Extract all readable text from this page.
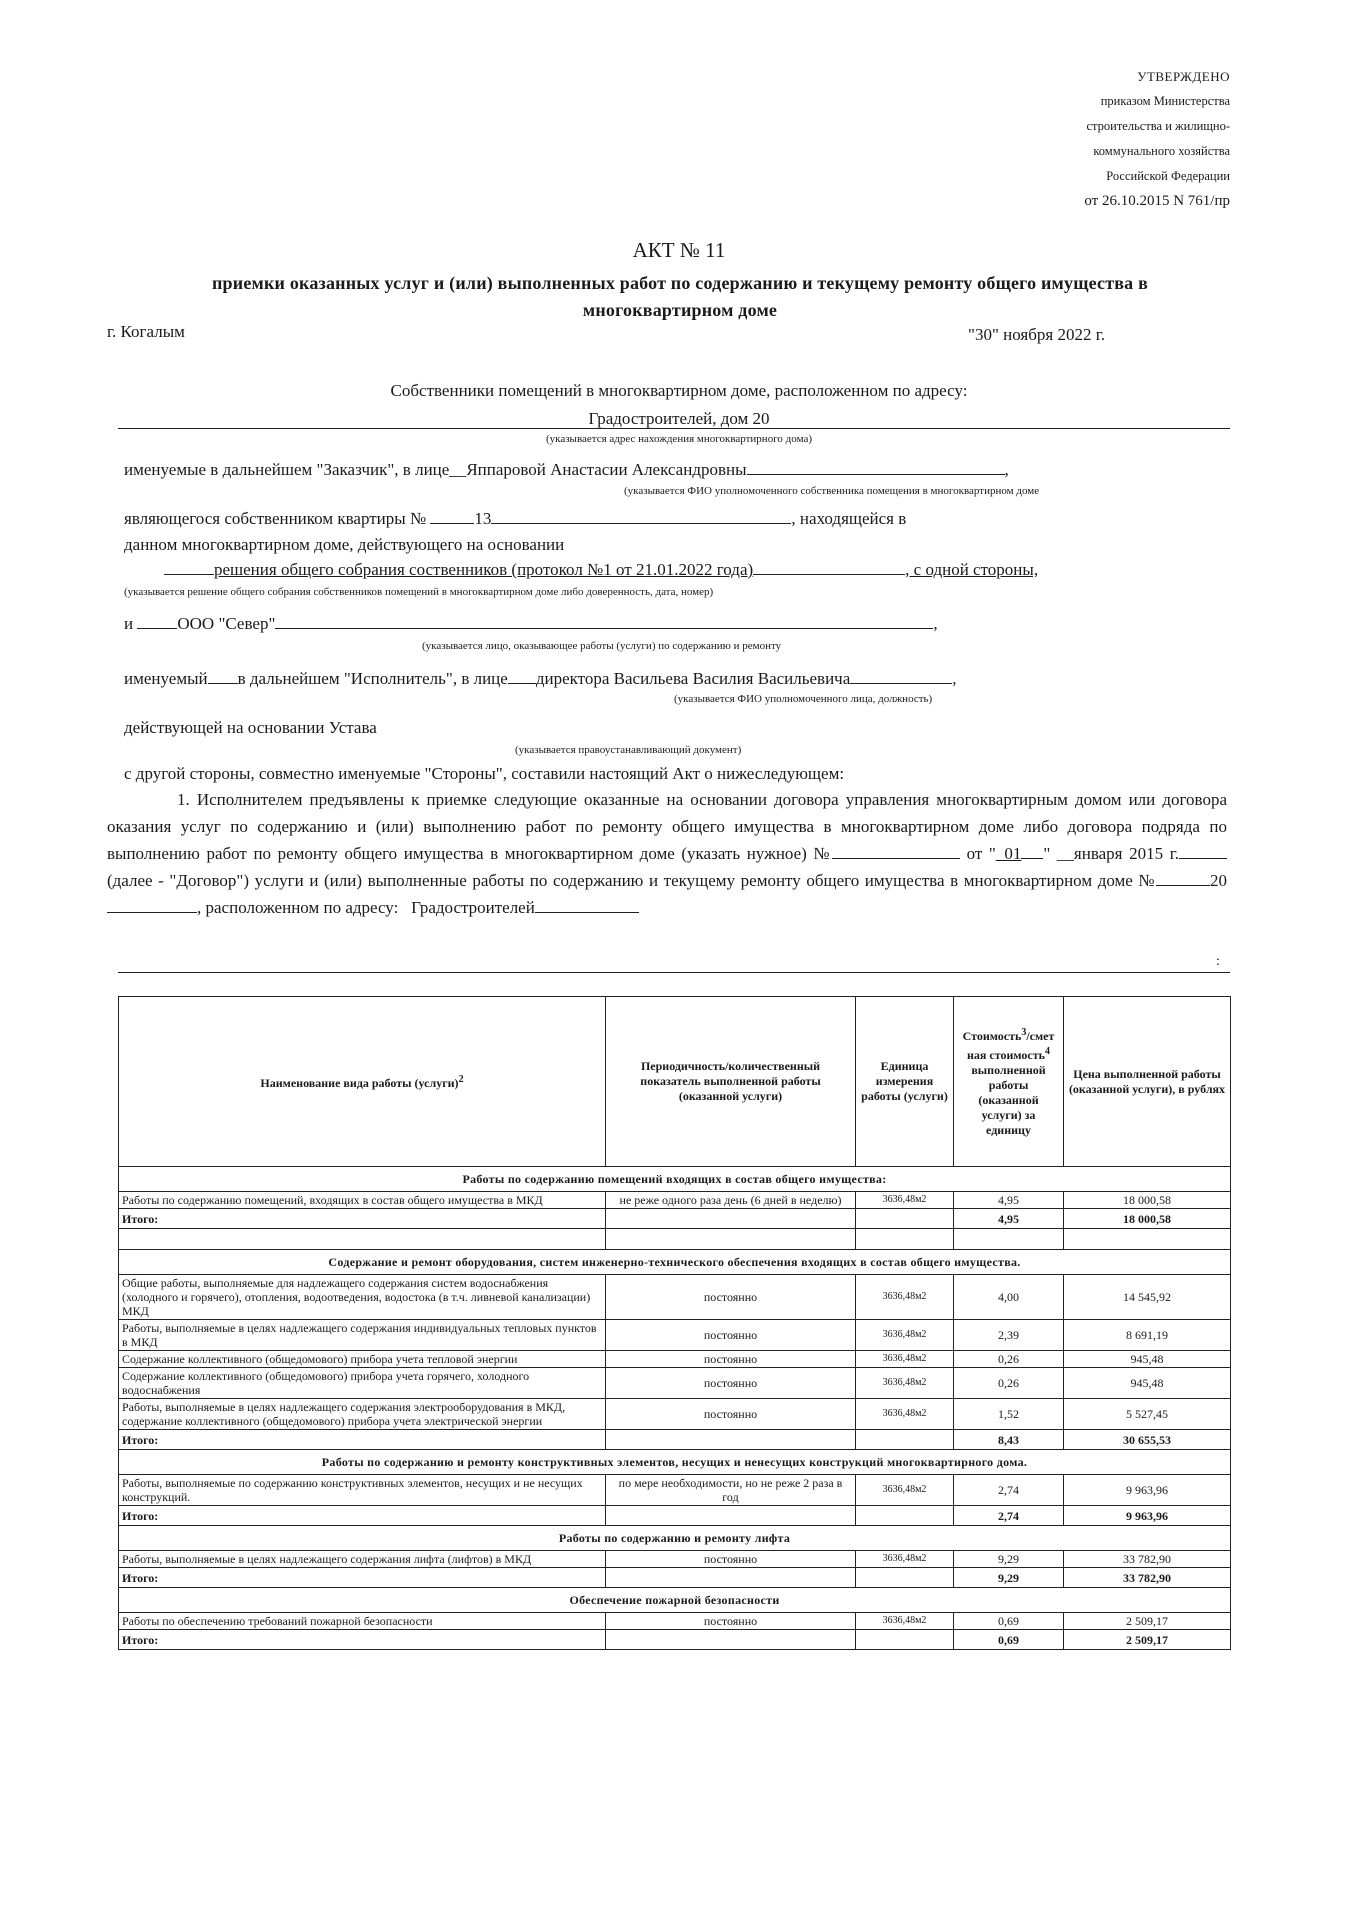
УТВЕРЖДЕНО
приказом Министерства
строительства и жилищно-
коммунального хозяйства
Российской Федерации
от 26.10.2015 N 761/пр
АКТ № 11
приемки оказанных услуг и (или) выполненных работ по содержанию и текущему ремонту общего имущества в многоквартирном доме
г. Когалым	"30" ноября 2022 г.
Собственники помещений в многоквартирном доме, расположенном по адресу:
Градостроителей, дом 20
(указывается адрес нахождения многоквартирного дома)
именуемые в дальнейшем "Заказчик", в лице__Яппаровой Анастасии Александровны	,
(указывается ФИО уполномоченного собственника помещения в многоквартирном доме
являющегося собственником квартиры №	13	, находящейся в
данном многоквартирном доме, действующего на основании
решения общего собрания соственников (протокол №1 от 21.01.2022 года)	, с одной стороны,
(указывается решение общего собрания собственников помещений в многоквартирном доме либо доверенность, дата, номер)
и	ООО "Север"	,
(указывается лицо, оказывающее работы (услуги) по содержанию и ремонту
именуемый в дальнейшем "Исполнитель", в лице директора Васильева Василия Васильевича	,
(указывается ФИО уполномоченного лица, должность)
действующей на основании Устава
(указывается правоустанавливающий документ)
с другой стороны, совместно именуемые "Стороны", составили настоящий Акт о нижеследующем:
1. Исполнителем предъявлены к приемке следующие оказанные на основании договора управления многоквартирным домом или договора оказания услуг по содержанию и (или) выполнению работ по ремонту общего имущества в многоквартирном доме либо договора подряда по выполнению работ по ремонту общего имущества в многоквартирном доме (указать нужное) №	от "_01 " __января 2015 г. (далее - "Договор") услуги и (или) выполненные работы по содержанию и текущему ремонту общего имущества в многоквартирном доме №	20, расположенном по адресу: Градостроителей
:
Наименование вида работы (услуги)$^2$	Периодичность/количественный показатель выполненной работы (оказанной услуги)	Единица измерения работы (услуги)	Стоимость$^3$/смет ная стоимость$^4$ выполненной работы (оказанной услуги) за единицу	Цена выполненной работы (оказанной услуги), в рублях
Работы по содержанию помещений входящих в состав общего имущества:				
Работы по содержанию помещений, входящих в состав общего имущества в МКД	не реже одного раза день (6 дней в неделю)	3636,48м2	4,95	18 000,58
Итого:			4,95	18 000,58

Содержание и ремонт оборудования, систем инженерно-технического обеспечения входящих в состав общего имущества.				
Общие работы, выполняемые для надлежащего содержания систем водоснабжения (холодного и горячего), отопления, водоотведения, водостока (в т.ч. ливневой канализации) МКД	постоянно	3636,48м2	4,00	14 545,92
Работы, выполняемые в целях надлежащего содержания индивидуальных тепловых пунктов в МКД	постоянно	3636,48м2	2,39	8 691,19
Содержание коллективного (общедомового) прибора учета тепловой энергии	постоянно	3636,48м2	0,26	945,48
Содержание коллективного (общедомового) прибора учета горячего, холодного водоснабжения	постоянно	3636,48м2	0,26	945,48
Работы, выполняемые в целях надлежащего содержания электрооборудования в МКД, содержание коллективного (общедомового) прибора учета электрической энергии	постоянно	3636,48м2	1,52	5 527,45
Итого:			8,43	30 655,53
Работы по содержанию и ремонту конструктивных элементов, несущих и ненесущих конструкций многоквартирного дома.				
Работы, выполняемые по содержанию конструктивных элементов, несущих и не несущих конструкций.	по мере необходимости, но не реже 2 раза в год	3636,48м2	2,74	9 963,96
Итого:			2,74	9 963,96
Работы по содержанию и ремонту лифта				
Работы, выполняемые в целях надлежащего содержания лифта (лифтов) в МКД	постоянно	3636,48м2	9,29	33 782,90
Итого:			9,29	33 782,90
Обеспечение пожарной безопасности				
Работы по обеспечению требований пожарной безопасности	постоянно	3636,48м2	0,69	2 509,17
Итого:			0,69	2 509,17
